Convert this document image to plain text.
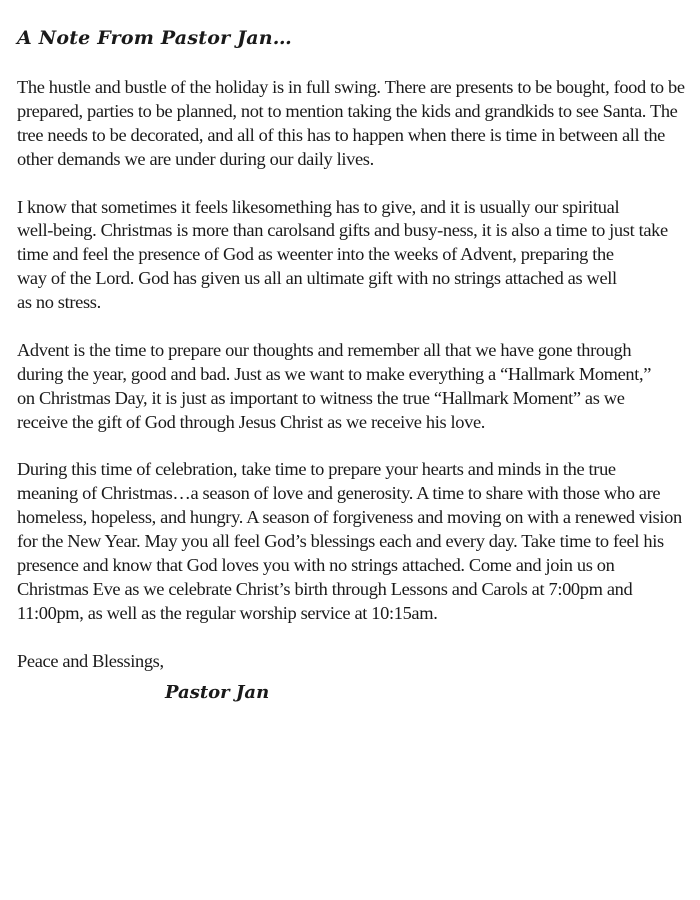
A Note From Pastor Jan…

The hustle and bustle of the holiday is in full swing. There are presents to be bought, food to be
prepared, parties to be planned, not to mention taking the kids and grandkids to see Santa. The
tree needs to be decorated, and all of this has to happen when there is time in between all the
other demands we are under during our daily lives.

I know that sometimes it feels likesomething has to give, and it is usually our spiritual
well-being. Christmas is more than carolsand gifts and busy-ness, it is also a time to just take
time and feel the presence of God as weenter into the weeks of Advent, preparing the
way of the Lord. God has given us all an ultimate gift with no strings attached as well
as no stress.

Advent is the time to prepare our thoughts and remember all that we have gone through
during the year, good and bad. Just as we want to make everything a “Hallmark Moment,”
on Christmas Day, it is just as important to witness the true “Hallmark Moment” as we
receive the gift of God through Jesus Christ as we receive his love.

During this time of celebration, take time to prepare your hearts and minds in the true
meaning of Christmas…a season of love and generosity. A time to share with those who are
homeless, hopeless, and hungry. A season of forgiveness and moving on with a renewed vision
for the New Year. May you all feel God’s blessings each and every day. Take time to feel his
presence and know that God loves you with no strings attached. Come and join us on
Christmas Eve as we celebrate Christ’s birth through Lessons and Carols at 7:00pm and
11:00pm, as well as the regular worship service at 10:15am.

Peace and Blessings,

Pastor Jan
